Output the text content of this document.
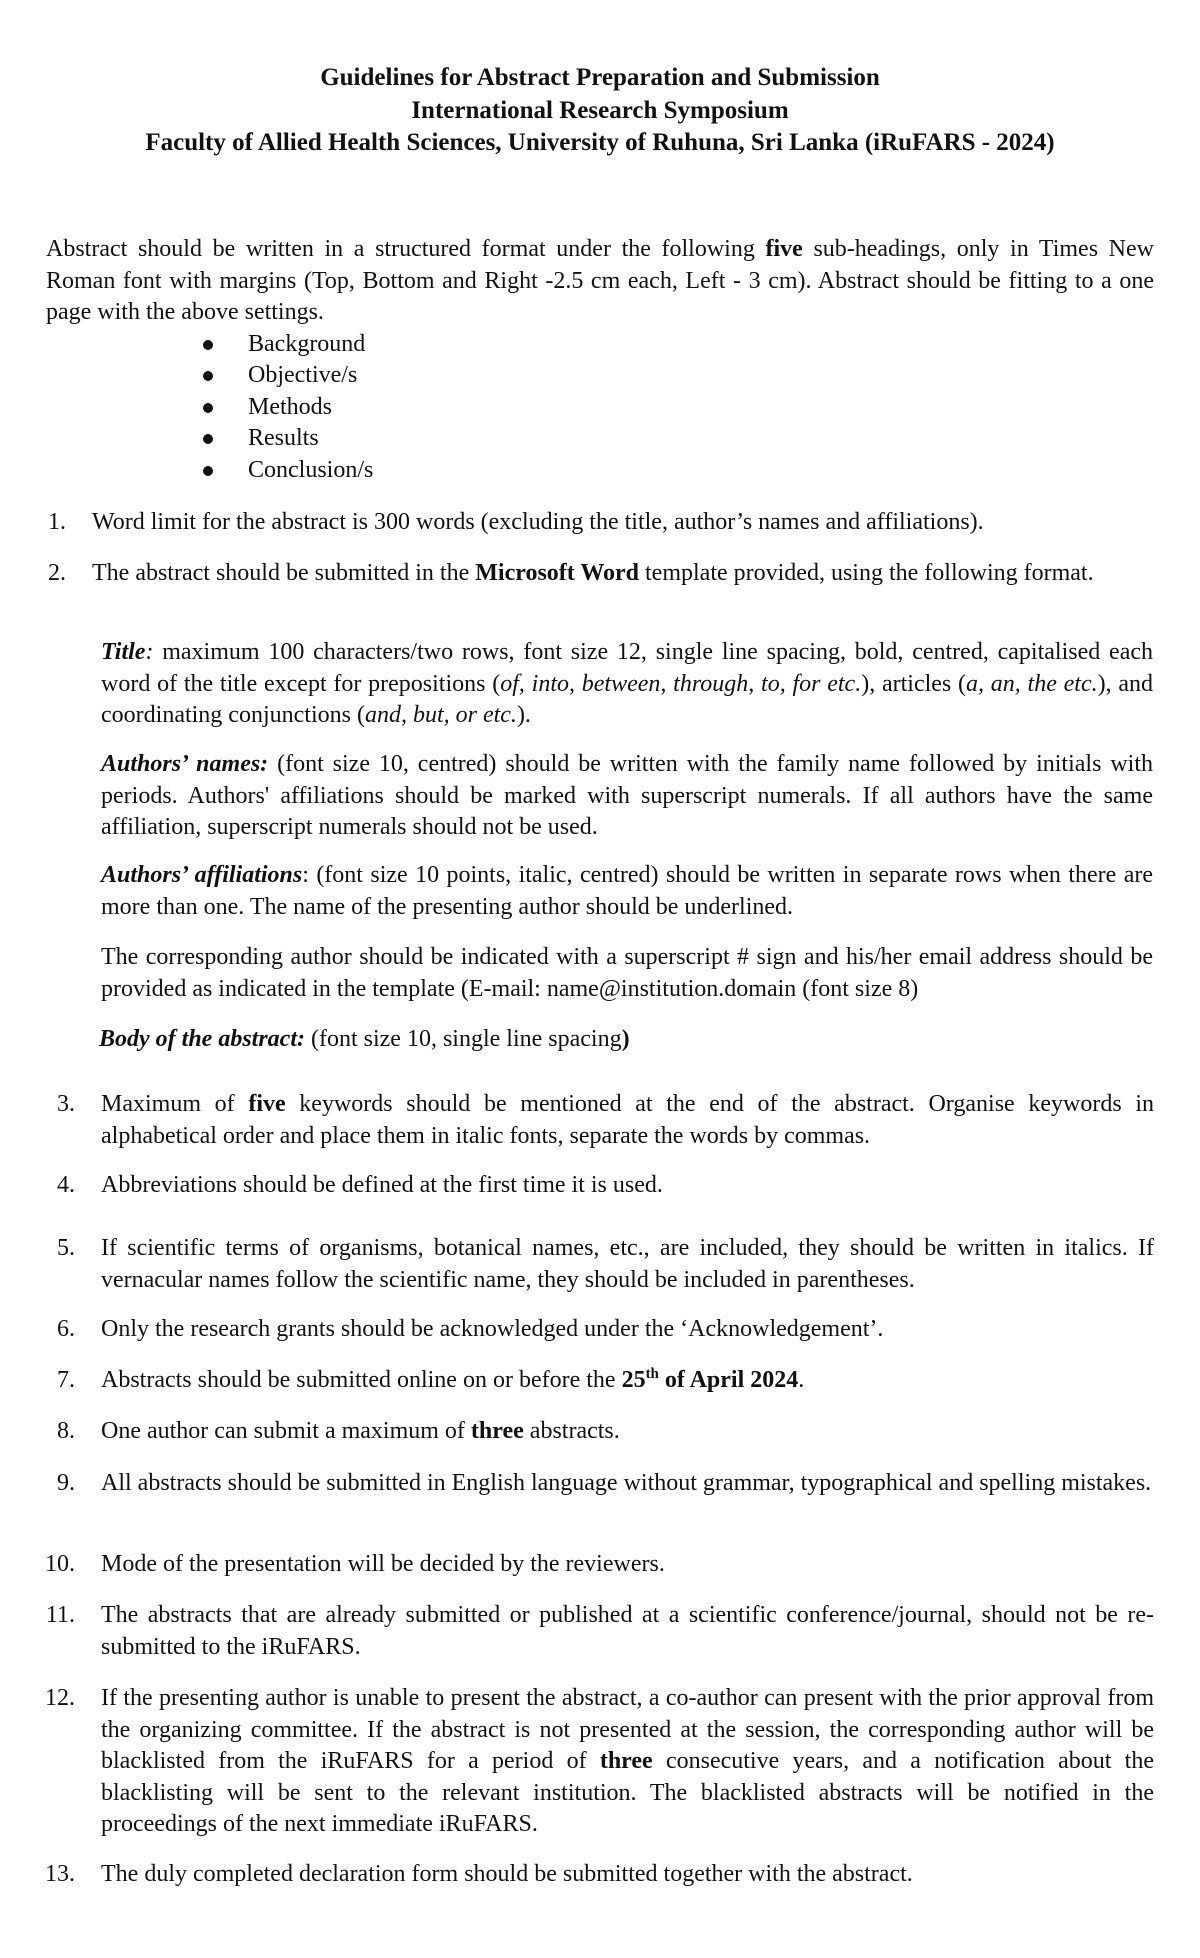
Guidelines for Abstract Preparation and Submission
International Research Symposium
Faculty of Allied Health Sciences, University of Ruhuna, Sri Lanka (iRuFARS - 2024)

Abstract should be written in a structured format under the following five sub-headings, only in Times New Roman font with margins (Top, Bottom and Right -2.5 cm each, Left - 3 cm). Abstract should be fitting to a one page with the above settings.

Background
Objective/s
Methods
Results
Conclusion/s
1. Word limit for the abstract is 300 words (excluding the title, author’s names and affiliations).
2. The abstract should be submitted in the Microsoft Word template provided, using the following format.

Title: maximum 100 characters/two rows, font size 12, single line spacing, bold, centred, capitalised each word of the title except for prepositions (of, into, between, through, to, for etc.), articles (a, an, the etc.), and coordinating conjunctions (and, but, or etc.).

Authors’ names: (font size 10, centred) should be written with the family name followed by initials with periods. Authors' affiliations should be marked with superscript numerals. If all authors have the same affiliation, superscript numerals should not be used.

Authors’ affiliations: (font size 10 points, italic, centred) should be written in separate rows when there are more than one. The name of the presenting author should be underlined.

The corresponding author should be indicated with a superscript # sign and his/her email address should be provided as indicated in the template (E-mail: name@institution.domain (font size 8)

Body of the abstract: (font size 10, single line spacing)

3. Maximum of five keywords should be mentioned at the end of the abstract. Organise keywords in alphabetical order and place them in italic fonts, separate the words by commas.
4. Abbreviations should be defined at the first time it is used.
5. If scientific terms of organisms, botanical names, etc., are included, they should be written in italics. If vernacular names follow the scientific name, they should be included in parentheses.
6. Only the research grants should be acknowledged under the ‘Acknowledgement’.
7. Abstracts should be submitted online on or before the 25th of April 2024.
8. One author can submit a maximum of three abstracts.
9. All abstracts should be submitted in English language without grammar, typographical and spelling mistakes.
10. Mode of the presentation will be decided by the reviewers.
11. The abstracts that are already submitted or published at a scientific conference/journal, should not be re-submitted to the iRuFARS.
12. If the presenting author is unable to present the abstract, a co-author can present with the prior approval from the organizing committee. If the abstract is not presented at the session, the corresponding author will be blacklisted from the iRuFARS for a period of three consecutive years, and a notification about the blacklisting will be sent to the relevant institution. The blacklisted abstracts will be notified in the proceedings of the next immediate iRuFARS.
13. The duly completed declaration form should be submitted together with the abstract.
